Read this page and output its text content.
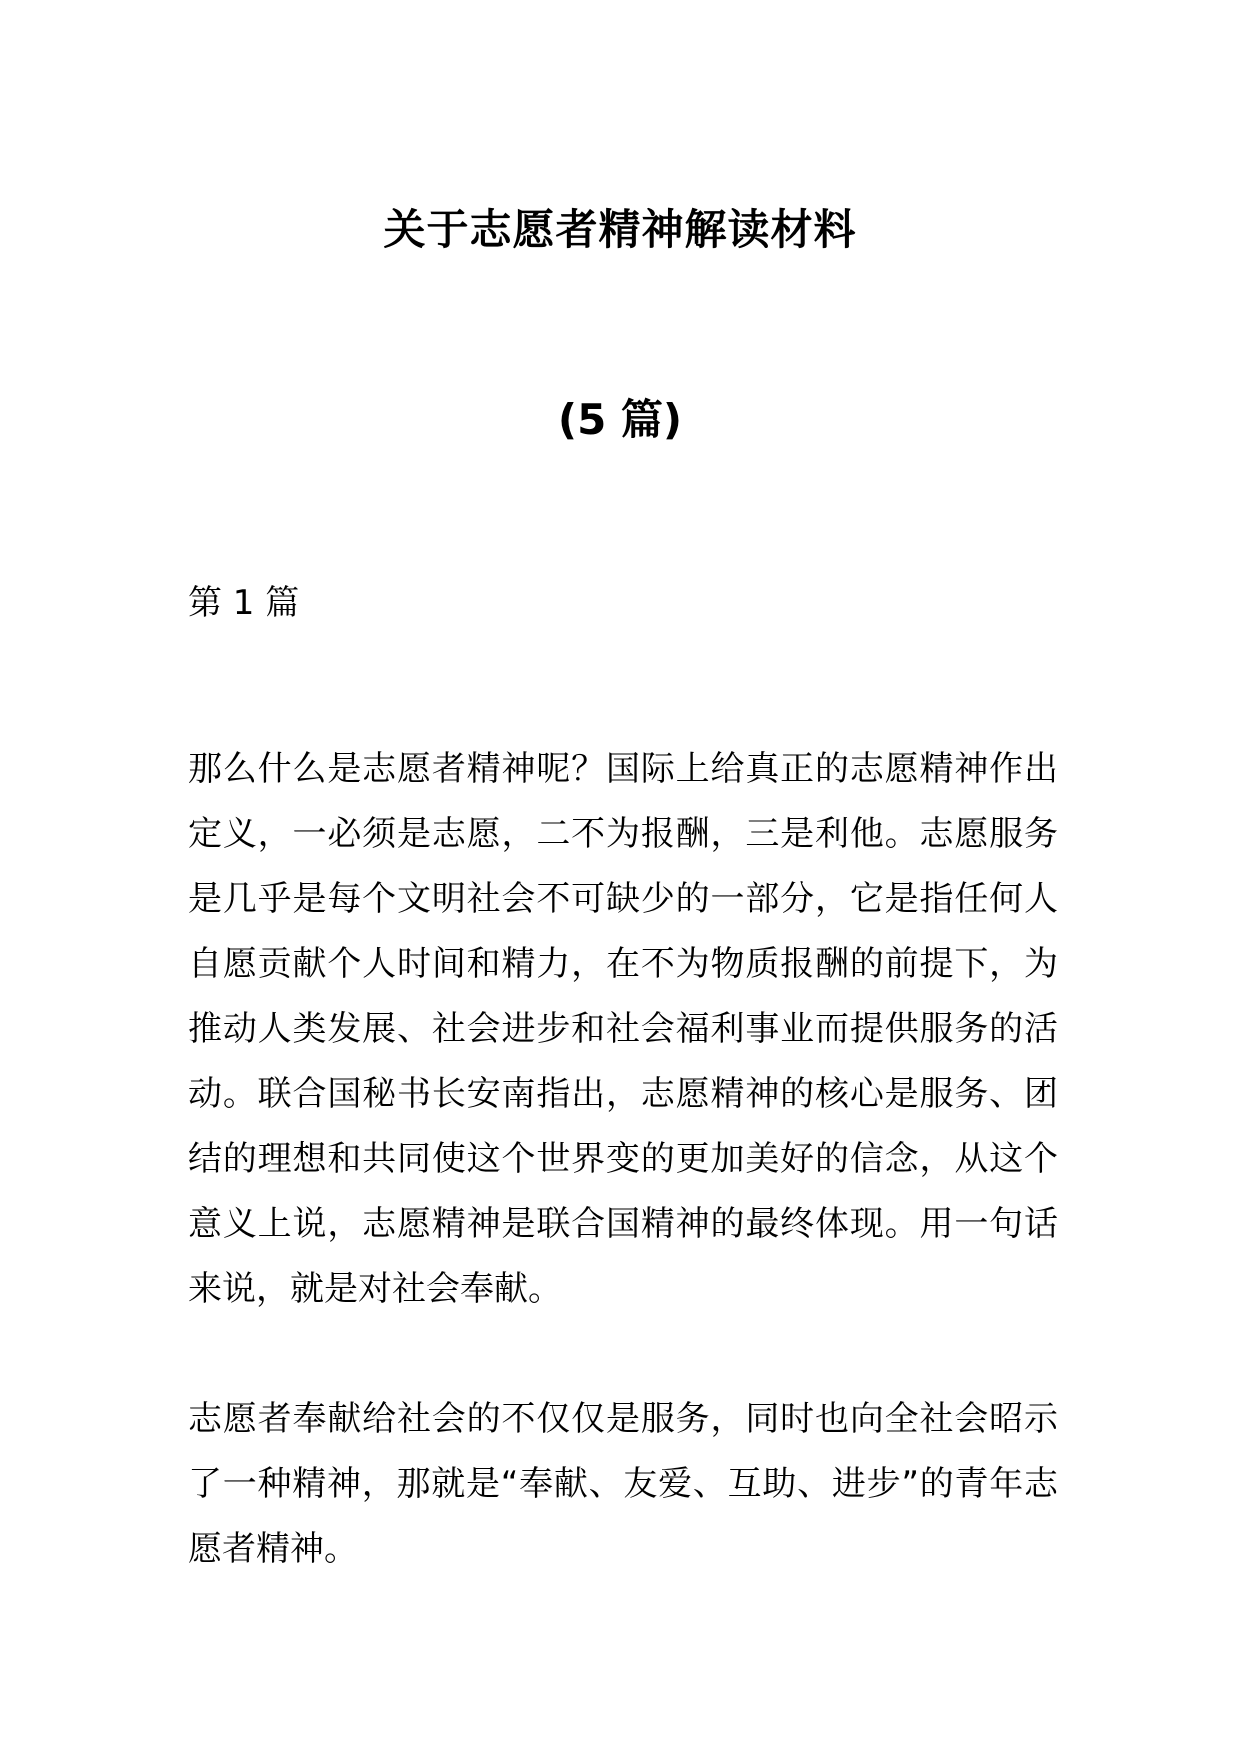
关于志愿者精神解读材料
(5 篇)
第 1 篇

那么什么是志愿者精神呢？国际上给真正的志愿精神作出定义，一必须是志愿，二不为报酬，三是利他。志愿服务是几乎是每个文明社会不可缺少的一部分，它是指任何人自愿贡献个人时间和精力，在不为物质报酬的前提下，为推动人类发展、社会进步和社会福利事业而提供服务的活动。联合国秘书长安南指出，志愿精神的核心是服务、团结的理想和共同使这个世界变的更加美好的信念，从这个意义上说，志愿精神是联合国精神的最终体现。用一句话来说，就是对社会奉献。

志愿者奉献给社会的不仅仅是服务，同时也向全社会昭示了一种精神，那就是“奉献、友爱、互助、进步”的青年志愿者精神。
